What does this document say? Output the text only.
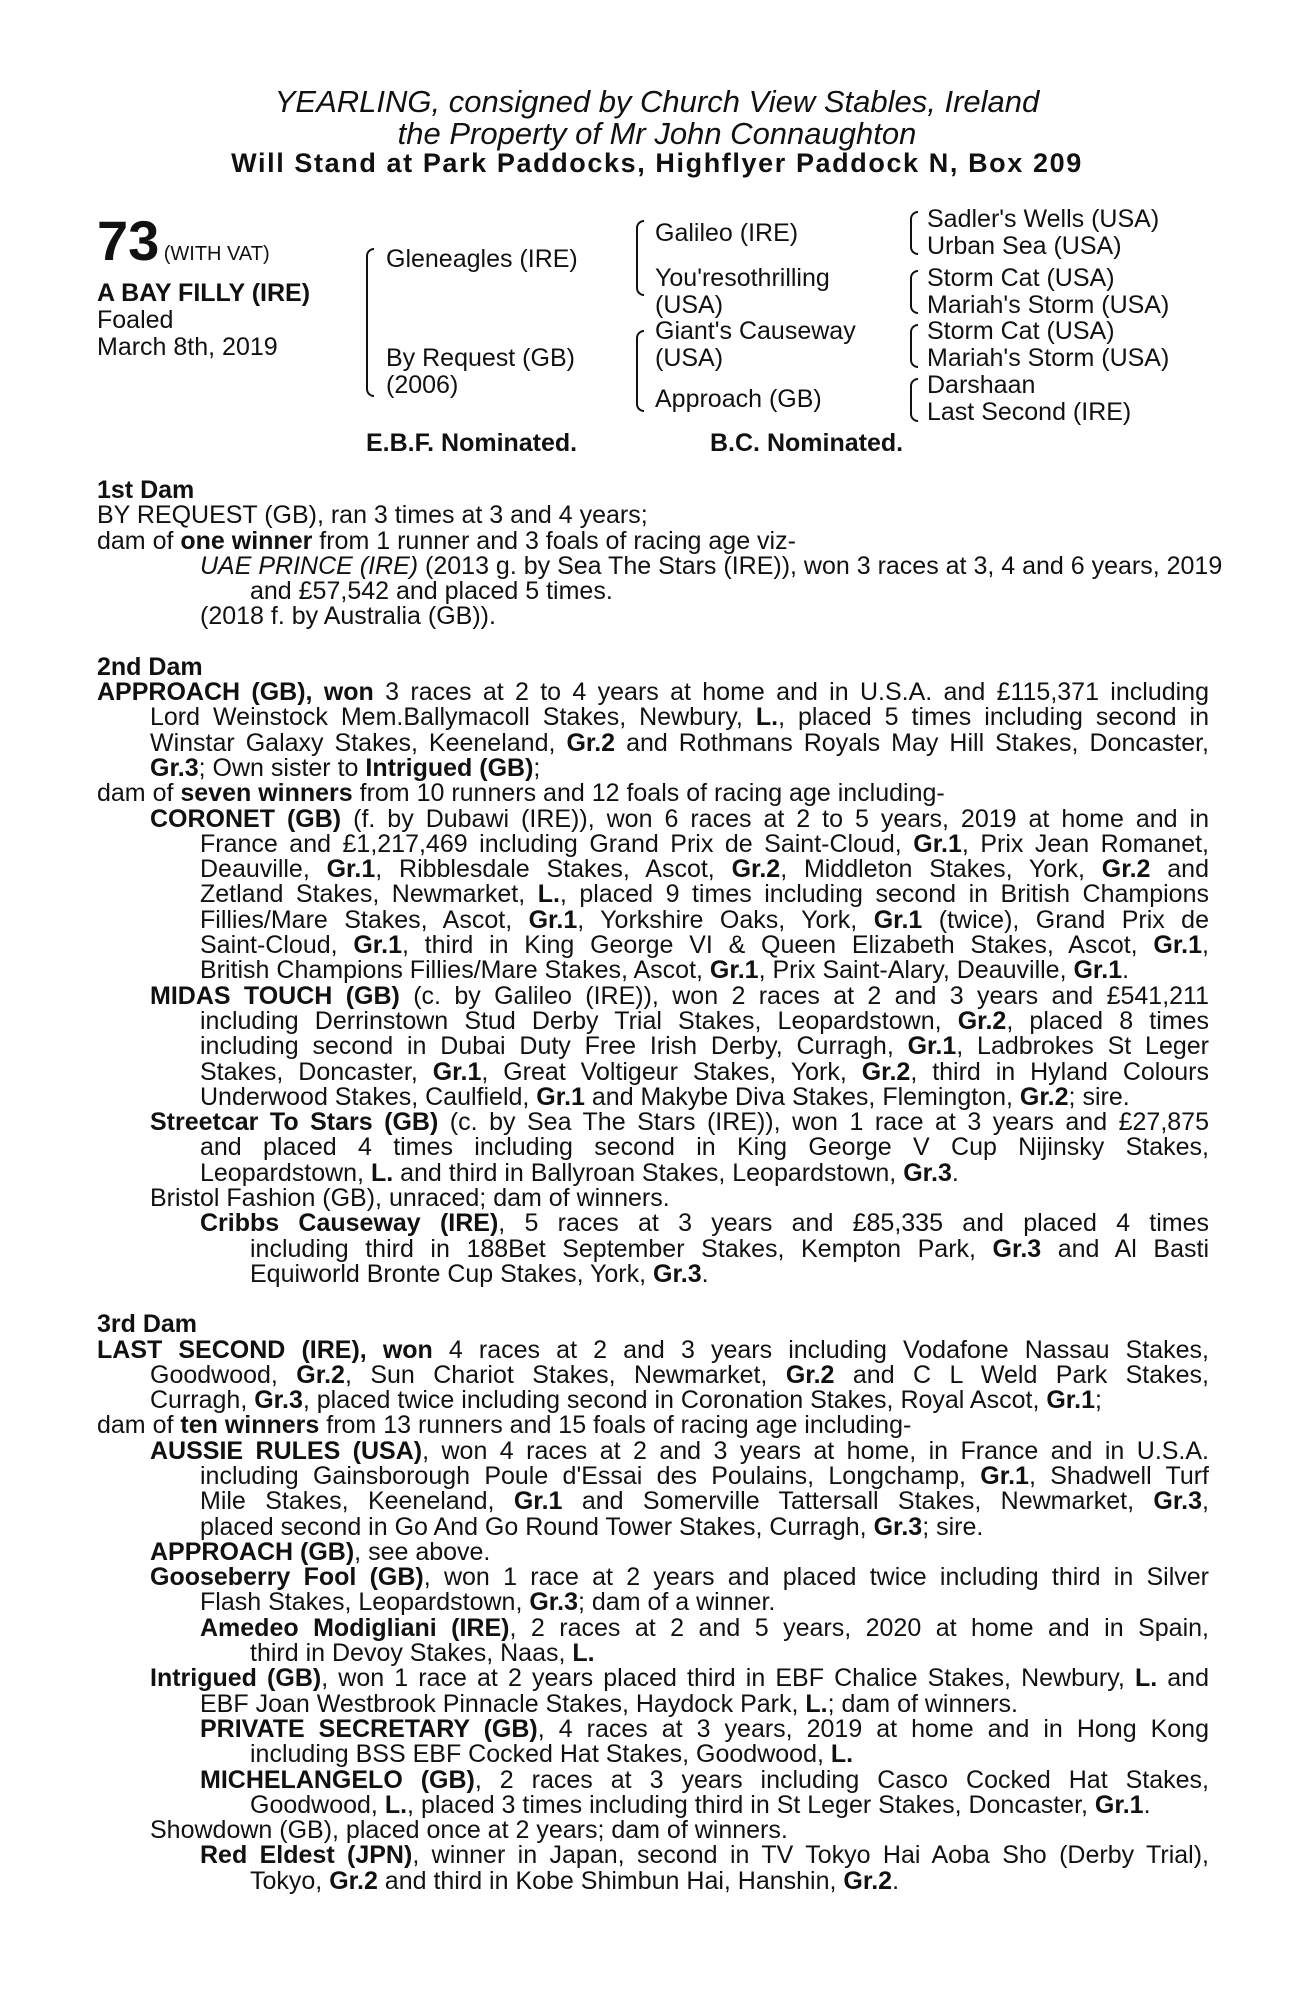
YEARLING, consigned by Church View Stables, Ireland
the Property of Mr John Connaughton
Will Stand at Park Paddocks, Highflyer Paddock N, Box 209
73 (WITH VAT)
A BAY FILLY (IRE)
Foaled
March 8th, 2019
Gleneagles (IRE)
By Request (GB)
(2006)
Galileo (IRE)
You'resothrilling
(USA)
Giant's Causeway
(USA)
Approach (GB)
Sadler's Wells (USA)
Urban Sea (USA)
Storm Cat (USA)
Mariah's Storm (USA)
Storm Cat (USA)
Mariah's Storm (USA)
Darshaan
Last Second (IRE)
E.B.F. Nominated.	B.C. Nominated.
1st Dam
BY REQUEST (GB), ran 3 times at 3 and 4 years;
dam of one winner from 1 runner and 3 foals of racing age viz-
UAE PRINCE (IRE) (2013 g. by Sea The Stars (IRE)), won 3 races at 3, 4 and 6 years, 2019
and £57,542 and placed 5 times.
(2018 f. by Australia (GB)).
2nd Dam
APPROACH (GB), won 3 races at 2 to 4 years at home and in U.S.A. and £115,371 including
Lord Weinstock Mem.Ballymacoll Stakes, Newbury, L., placed 5 times including second in
Winstar Galaxy Stakes, Keeneland, Gr.2 and Rothmans Royals May Hill Stakes, Doncaster,
Gr.3; Own sister to Intrigued (GB);
dam of seven winners from 10 runners and 12 foals of racing age including-
CORONET (GB) (f. by Dubawi (IRE)), won 6 races at 2 to 5 years, 2019 at home and in
France and £1,217,469 including Grand Prix de Saint-Cloud, Gr.1, Prix Jean Romanet,
Deauville, Gr.1, Ribblesdale Stakes, Ascot, Gr.2, Middleton Stakes, York, Gr.2 and
Zetland Stakes, Newmarket, L., placed 9 times including second in British Champions
Fillies/Mare Stakes, Ascot, Gr.1, Yorkshire Oaks, York, Gr.1 (twice), Grand Prix de
Saint-Cloud, Gr.1, third in King George VI & Queen Elizabeth Stakes, Ascot, Gr.1,
British Champions Fillies/Mare Stakes, Ascot, Gr.1, Prix Saint-Alary, Deauville, Gr.1.
MIDAS TOUCH (GB) (c. by Galileo (IRE)), won 2 races at 2 and 3 years and £541,211
including Derrinstown Stud Derby Trial Stakes, Leopardstown, Gr.2, placed 8 times
including second in Dubai Duty Free Irish Derby, Curragh, Gr.1, Ladbrokes St Leger
Stakes, Doncaster, Gr.1, Great Voltigeur Stakes, York, Gr.2, third in Hyland Colours
Underwood Stakes, Caulfield, Gr.1 and Makybe Diva Stakes, Flemington, Gr.2; sire.
Streetcar To Stars (GB) (c. by Sea The Stars (IRE)), won 1 race at 3 years and £27,875
and placed 4 times including second in King George V Cup Nijinsky Stakes,
Leopardstown, L. and third in Ballyroan Stakes, Leopardstown, Gr.3.
Bristol Fashion (GB), unraced; dam of winners.
Cribbs Causeway (IRE), 5 races at 3 years and £85,335 and placed 4 times
including third in 188Bet September Stakes, Kempton Park, Gr.3 and Al Basti
Equiworld Bronte Cup Stakes, York, Gr.3.
3rd Dam
LAST SECOND (IRE), won 4 races at 2 and 3 years including Vodafone Nassau Stakes,
Goodwood, Gr.2, Sun Chariot Stakes, Newmarket, Gr.2 and C L Weld Park Stakes,
Curragh, Gr.3, placed twice including second in Coronation Stakes, Royal Ascot, Gr.1;
dam of ten winners from 13 runners and 15 foals of racing age including-
AUSSIE RULES (USA), won 4 races at 2 and 3 years at home, in France and in U.S.A.
including Gainsborough Poule d'Essai des Poulains, Longchamp, Gr.1, Shadwell Turf
Mile Stakes, Keeneland, Gr.1 and Somerville Tattersall Stakes, Newmarket, Gr.3,
placed second in Go And Go Round Tower Stakes, Curragh, Gr.3; sire.
APPROACH (GB), see above.
Gooseberry Fool (GB), won 1 race at 2 years and placed twice including third in Silver
Flash Stakes, Leopardstown, Gr.3; dam of a winner.
Amedeo Modigliani (IRE), 2 races at 2 and 5 years, 2020 at home and in Spain,
third in Devoy Stakes, Naas, L.
Intrigued (GB), won 1 race at 2 years placed third in EBF Chalice Stakes, Newbury, L. and
EBF Joan Westbrook Pinnacle Stakes, Haydock Park, L.; dam of winners.
PRIVATE SECRETARY (GB), 4 races at 3 years, 2019 at home and in Hong Kong
including BSS EBF Cocked Hat Stakes, Goodwood, L.
MICHELANGELO (GB), 2 races at 3 years including Casco Cocked Hat Stakes,
Goodwood, L., placed 3 times including third in St Leger Stakes, Doncaster, Gr.1.
Showdown (GB), placed once at 2 years; dam of winners.
Red Eldest (JPN), winner in Japan, second in TV Tokyo Hai Aoba Sho (Derby Trial),
Tokyo, Gr.2 and third in Kobe Shimbun Hai, Hanshin, Gr.2.
